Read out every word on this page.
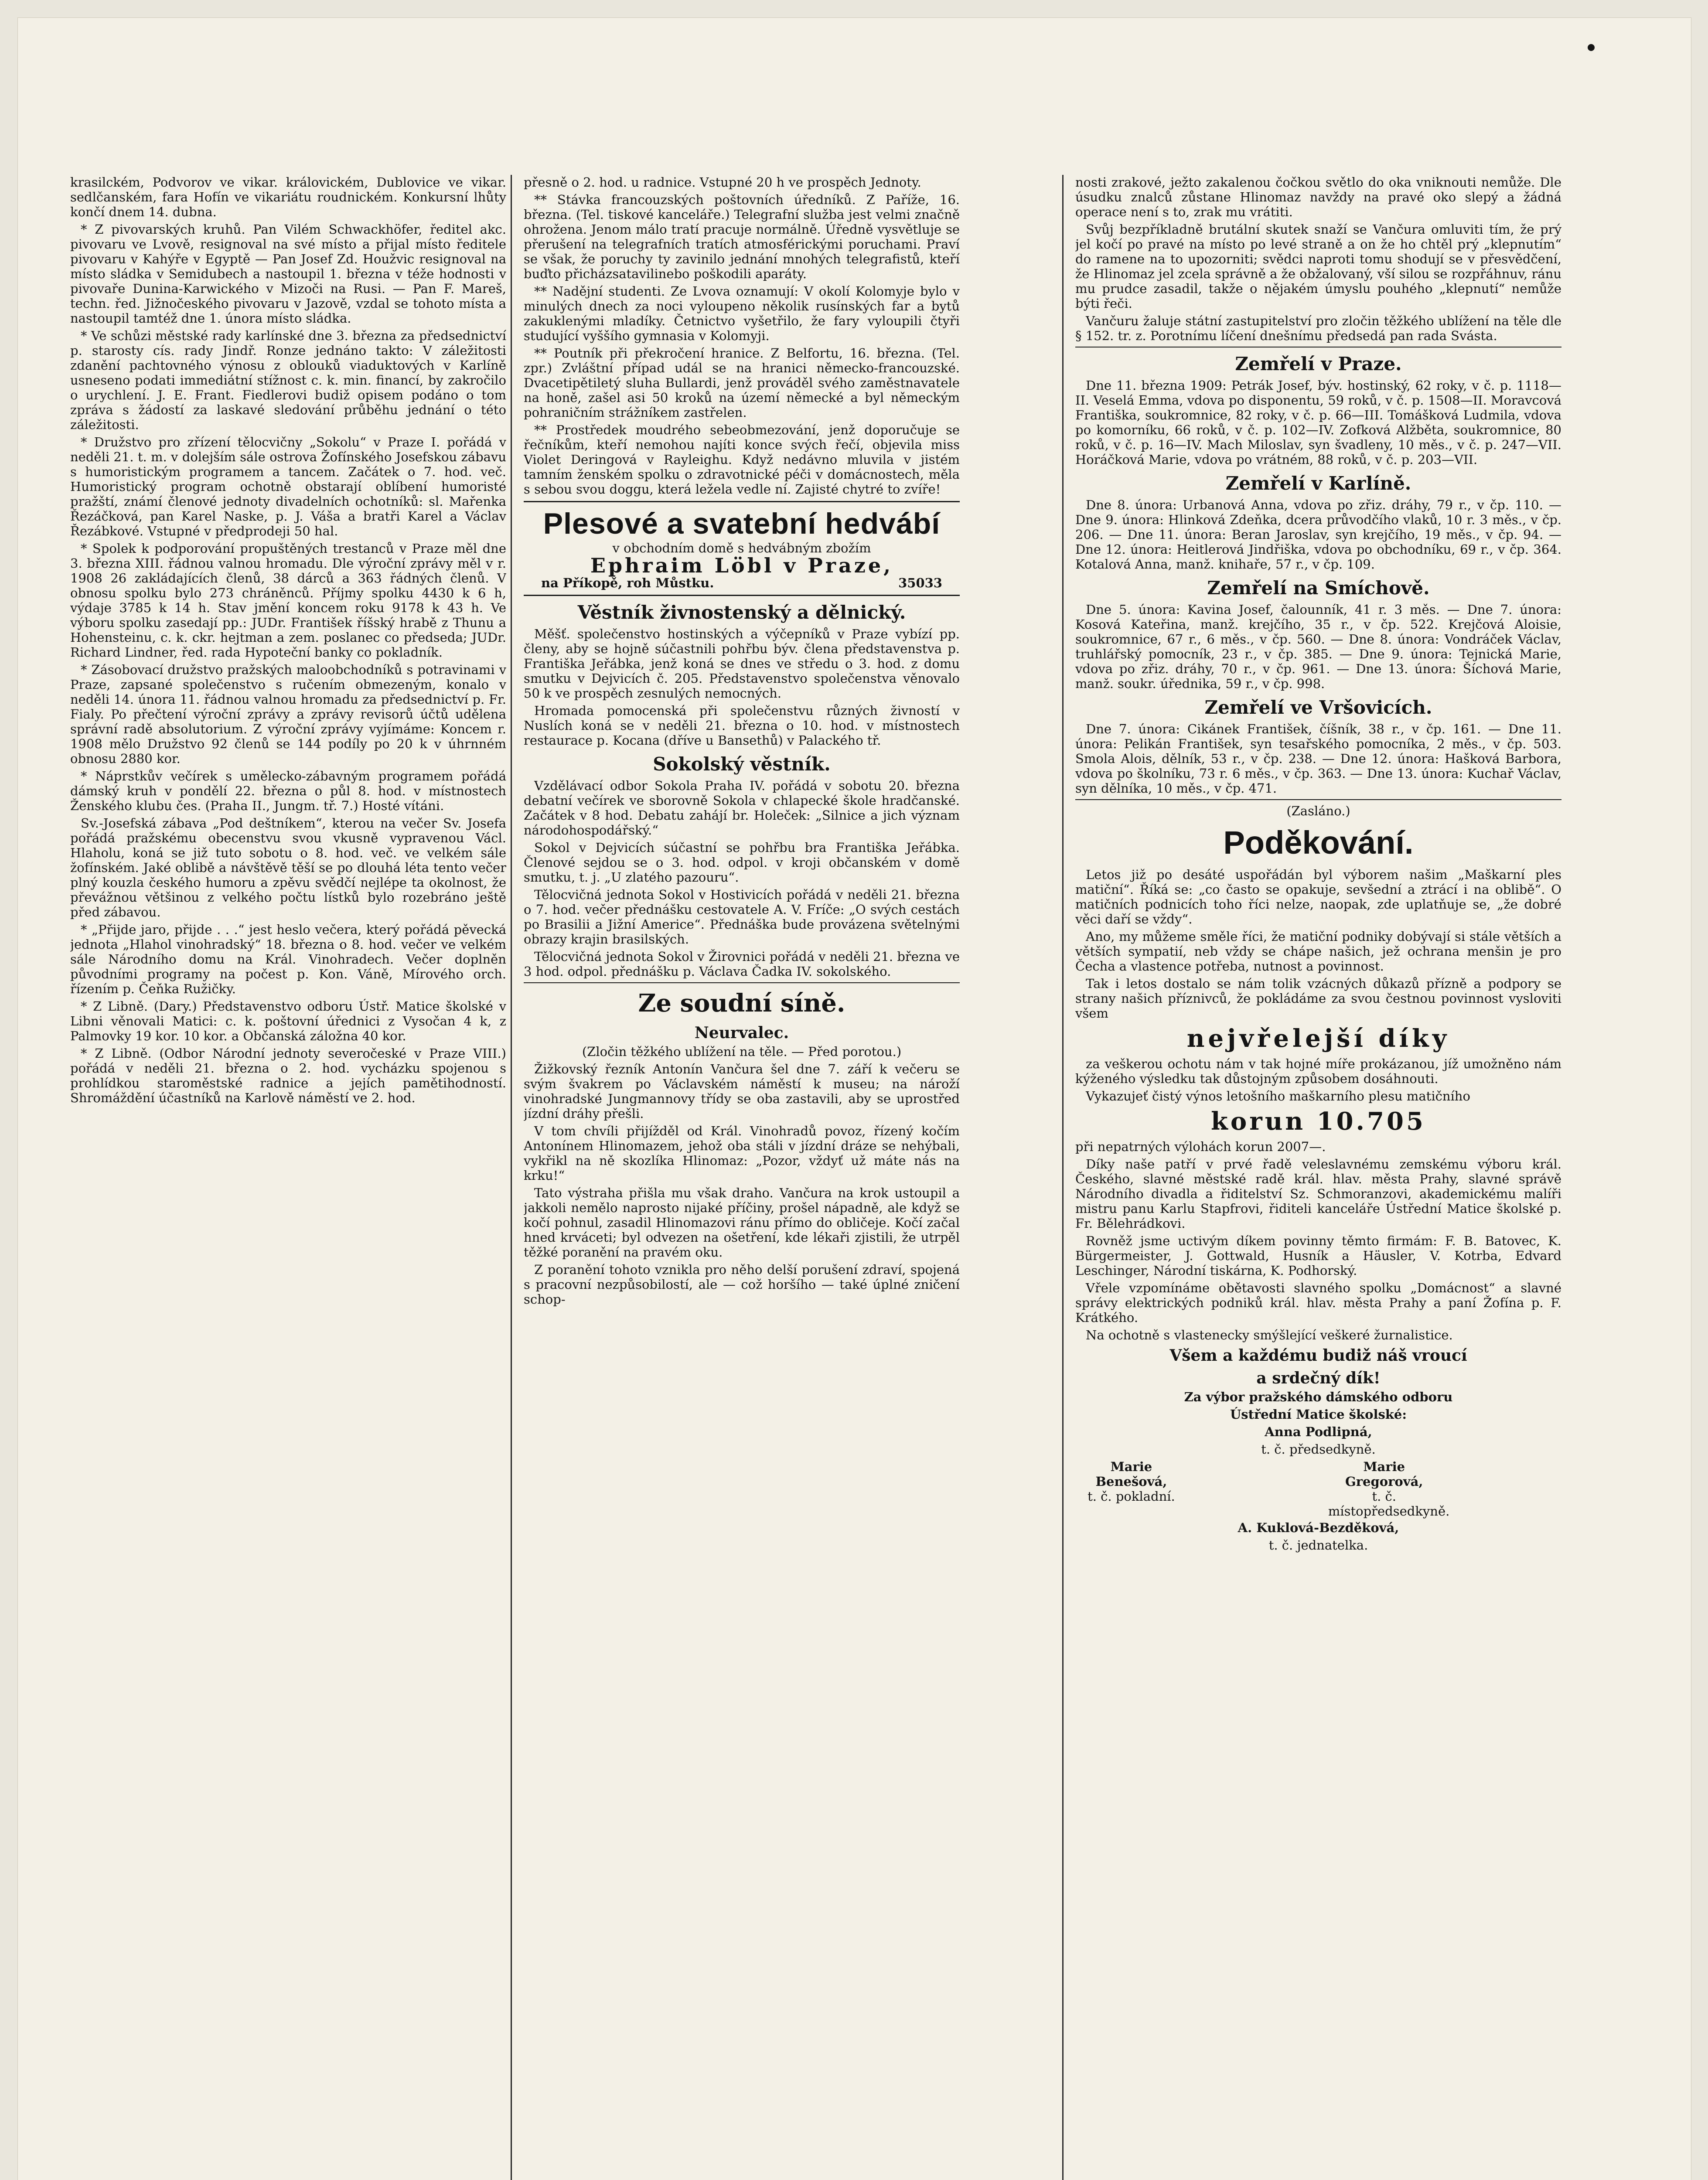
krasilckém, Podvorov ve vikar. královickém, Dublovice ve vikar. sedlčanském, fara Hofín ve vikariátu roudnickém. Konkursní lhůty končí dnem 14. dubna.

* Z pivovarských kruhů. Pan Vilém Schwackhöfer, ředitel akc. pivovaru ve Lvově, resignoval na své místo a přijal místo ředitele pivovaru v Kahýře v Egyptě — Pan Josef Zd. Houžvic resignoval na místo sládka v Semidubech a nastoupil 1. března v téže hodnosti v pivovaře Dunina-Karwického v Mizoči na Rusi. — Pan F. Mareš, techn. řed. Jižnočeského pivovaru v Jazově, vzdal se tohoto místa a nastoupil tamtéž dne 1. února místo sládka.

* Ve schůzi městské rady karlínské dne 3. března za předsednictví p. starosty cís. rady Jindř. Ronze jednáno takto: V záležitosti zdanění pachtovného výnosu z oblouků viaduktových v Karlíně usneseno podati immediátní stížnost c. k. min. financí, by zakročilo o urychlení. J. E. Frant. Fiedlerovi budiž opisem podáno o tom zpráva s žádostí za laskavé sledování průběhu jednání o této záležitosti.

* Družstvo pro zřízení tělocvičny „Sokolu“ v Praze I. pořádá v neděli 21. t. m. v dolejším sále ostrova Žofínského Josefskou zábavu s humoristickým programem a tancem. Začátek o 7. hod. več. Humoristický program ochotně obstarají oblíbení humoristé pražští, známí členové jednoty divadelních ochotníků: sl. Mařenka Řezáčková, pan Karel Naske, p. J. Váša a bratři Karel a Václav Řezábkové. Vstupné v předprodeji 50 hal.

* Spolek k podporování propuštěných trestanců v Praze měl dne 3. března XIII. řádnou valnou hromadu. Dle výroční zprávy měl v r. 1908 26 zakládajících členů, 38 dárců a 363 řádných členů. V obnosu spolku bylo 273 chráněnců. Příjmy spolku 4430 k 6 h, výdaje 3785 k 14 h. Stav jmění koncem roku 9178 k 43 h. Ve výboru spolku zasedají pp.: JUDr. František říšský hrabě z Thunu a Hohensteinu, c. k. ckr. hejtman a zem. poslanec co předseda; JUDr. Richard Lindner, řed. rada Hypoteční banky co pokladník.

* Zásobovací družstvo pražských maloobchodníků s potravinami v Praze, zapsané společenstvo s ručením obmezeným, konalo v neděli 14. února 11. řádnou valnou hromadu za předsednictví p. Fr. Fialy. Po přečtení výroční zprávy a zprávy revisorů účtů udělena správní radě absolutorium. Z výroční zprávy vyjímáme: Koncem r. 1908 mělo Družstvo 92 členů se 144 podíly po 20 k v úhrnném obnosu 2880 kor.

* Náprstkův večírek s umělecko-zábavným programem pořádá dámský kruh v pondělí 22. března o půl 8. hod. v místnostech Ženského klubu čes. (Praha II., Jungm. tř. 7.) Hosté vítáni.

Sv.-Josefská zábava „Pod deštníkem“, kterou na večer Sv. Josefa pořádá pražskému obecenstvu svou vkusně vypravenou Václ. Hlaholu, koná se již tuto sobotu o 8. hod. več. ve velkém sále žofínském. Jaké oblibě a návštěvě těší se po dlouhá léta tento večer plný kouzla českého humoru a zpěvu svědčí nejlépe ta okolnost, že převážnou většinou z velkého počtu lístků bylo rozebráno ještě před zábavou.

* „Přijde jaro, přijde . . .“ jest heslo večera, který pořádá pěvecká jednota „Hlahol vinohradský“ 18. března o 8. hod. večer ve velkém sále Národního domu na Král. Vinohradech. Večer doplněn původními programy na počest p. Kon. Váně, Mírového orch. řízením p. Čeňka Ružičky.

* Z Libně. (Dary.) Představenstvo odboru Ústř. Matice školské v Libni věnovali Matici: c. k. poštovní úřednici z Vysočan 4 k, z Palmovky 19 kor. 10 kor. a Občanská záložna 40 kor.

* Z Libně. (Odbor Národní jednoty severočeské v Praze VIII.) pořádá v neděli 21. března o 2. hod. vycházku spojenou s prohlídkou staroměstské radnice a jejích pamětihodností. Shromáždění účastníků na Karlově náměstí ve 2. hod.

přesně o 2. hod. u radnice. Vstupné 20 h ve prospěch Jednoty.

** Stávka francouzských poštovních úředníků. Z Paříže, 16. března. (Tel. tiskové kanceláře.) Telegrafní služba jest velmi značně ohrožena. Jenom málo tratí pracuje normálně. Úředně vysvětluje se přerušení na telegrafních tratích atmosférickými poruchami. Praví se však, že poruchy ty zavinilo jednání mnohých telegrafistů, kteří buďto přicházsatavilinebo poškodili aparáty.

** Nadějní studenti. Ze Lvova oznamují: V okolí Kolomyje bylo v minulých dnech za noci vyloupeno několik rusínských far a bytů zakuklenými mladíky. Četnictvo vyšetřilo, že fary vyloupili čtyři studující vyššího gymnasia v Kolomyji.

** Poutník při překročení hranice. Z Belfortu, 16. března. (Tel. zpr.) Zvláštní případ udál se na hranici německo-francouzské. Dvacetipětiletý sluha Bullardi, jenž prováděl svého zaměstnavatele na honě, zašel asi 50 kroků na území německé a byl německým pohraničním strážníkem zastřelen.

** Prostředek moudrého sebeobmezování, jenž doporučuje se řečníkům, kteří nemohou najíti konce svých řečí, objevila miss Violet Deringová v Rayleighu. Když nedávno mluvila v jistém tamním ženském spolku o zdravotnické péči v domácnostech, měla s sebou svou doggu, která ležela vedle ní. Zajisté chytré to zvíře!

Plesové a svatební hedvábí
v obchodním domě s hedvábným zbožím
Ephraim Löbl v Praze,
na Příkopě, roh Můstku.	35033
Věstník živnostenský a dělnický.

Měšť. společenstvo hostinských a výčepníků v Praze vybízí pp. členy, aby se hojně súčastnili pohřbu býv. člena představenstva p. Františka Jeřábka, jenž koná se dnes ve středu o 3. hod. z domu smutku v Dejvicích č. 205. Představenstvo společenstva věnovalo 50 k ve prospěch zesnulých nemocných.

Hromada pomocenská při společenstvu různých živností v Nuslích koná se v neděli 21. března o 10. hod. v místnostech restaurace p. Kocana (dříve u Bansethů) v Palackého tř.

Sokolský věstník.

Vzdělávací odbor Sokola Praha IV. pořádá v sobotu 20. března debatní večírek ve sborovně Sokola v chlapecké škole hradčanské. Začátek v 8 hod. Debatu zahájí br. Holeček: „Silnice a jich význam národohospodářský.“

Sokol v Dejvicích súčastní se pohřbu bra Františka Jeřábka. Členové sejdou se o 3. hod. odpol. v kroji občanském v domě smutku, t. j. „U zlatého pazouru“.

Tělocvičná jednota Sokol v Hostivicích pořádá v neděli 21. března o 7. hod. večer přednášku cestovatele A. V. Fríče: „O svých cestách po Brasilii a Jižní Americe“. Přednáška bude provázena světelnými obrazy krajin brasilských.

Tělocvičná jednota Sokol v Žirovnici pořádá v neděli 21. března ve 3 hod. odpol. přednášku p. Václava Čadka IV. sokolského.

Ze soudní síně.
Neurvalec.

(Zločin těžkého ublížení na těle. — Před porotou.)

Žižkovský řezník Antonín Vančura šel dne 7. září k večeru se svým švakrem po Václavském náměstí k museu; na nároží vinohradské Jungmannovy třídy se oba zastavili, aby se uprostřed jízdní dráhy přešli.

V tom chvíli přijížděl od Král. Vinohradů povoz, řízený kočím Antonínem Hlinomazem, jehož oba stáli v jízdní dráze se nehýbali, vykřikl na ně skozlíka Hlinomaz: „Pozor, vždyť už máte nás na krku!“

Tato výstraha přišla mu však draho. Vančura na krok ustoupil a jakkoli nemělo naprosto nijaké příčiny, prošel nápadně, ale když se kočí pohnul, zasadil Hlinomazovi ránu přímo do obličeje. Kočí začal hned krváceti; byl odvezen na ošetření, kde lékaři zjistili, že utrpěl těžké poranění na pravém oku.

Z poranění tohoto vznikla pro něho delší porušení zdraví, spojená s pracovní nezpůsobilostí, ale — což horšího — také úplné zničení schop-

nosti zrakové, ježto zakalenou čočkou světlo do oka vniknouti nemůže. Dle úsudku znalců zůstane Hlinomaz navždy na pravé oko slepý a žádná operace není s to, zrak mu vrátiti.

Svůj bezpříkladně brutální skutek snaží se Vančura omluviti tím, že prý jel kočí po pravé na místo po levé straně a on že ho chtěl prý „klepnutím“ do ramene na to upozorniti; svědci naproti tomu shodují se v přesvědčení, že Hlinomaz jel zcela správně a že obžalovaný, vší silou se rozpřáhnuv, ránu mu prudce zasadil, takže o nějakém úmyslu pouhého „klepnutí“ nemůže býti řeči.

Vančuru žaluje státní zastupitelství pro zločin těžkého ublížení na těle dle § 152. tr. z. Porotnímu líčení dnešnímu předsedá pan rada Svásta.

Zemřelí v Praze.

Dne 11. března 1909: Petrák Josef, býv. hostinský, 62 roky, v č. p. 1118—II. Veselá Emma, vdova po disponentu, 59 roků, v č. p. 1508—II. Moravcová Františka, soukromnice, 82 roky, v č. p. 66—III. Tomášková Ludmila, vdova po komorníku, 66 roků, v č. p. 102—IV. Zofková Alžběta, soukromnice, 80 roků, v č. p. 16—IV. Mach Miloslav, syn švadleny, 10 měs., v č. p. 247—VII. Horáčková Marie, vdova po vrátném, 88 roků, v č. p. 203—VII.

Zemřelí v Karlíně.

Dne 8. února: Urbanová Anna, vdova po zřiz. dráhy, 79 r., v čp. 110. — Dne 9. února: Hlinková Zdeňka, dcera průvodčího vlaků, 10 r. 3 měs., v čp. 206. — Dne 11. února: Beran Jaroslav, syn krejčího, 19 měs., v čp. 94. — Dne 12. února: Heitlerová Jindřiška, vdova po obchodníku, 69 r., v čp. 364. Kotalová Anna, manž. knihaře, 57 r., v čp. 109.

Zemřelí na Smíchově.

Dne 5. února: Kavina Josef, čalounník, 41 r. 3 měs. — Dne 7. února: Kosová Kateřina, manž. krejčího, 35 r., v čp. 522. Krejčová Aloisie, soukromnice, 67 r., 6 měs., v čp. 560. — Dne 8. února: Vondráček Václav, truhlářský pomocník, 23 r., v čp. 385. — Dne 9. února: Tejnická Marie, vdova po zřiz. dráhy, 70 r., v čp. 961. — Dne 13. února: Šíchová Marie, manž. soukr. úřednika, 59 r., v čp. 998.

Zemřelí ve Vršovicích.

Dne 7. února: Cikánek František, číšník, 38 r., v čp. 161. — Dne 11. února: Pelikán František, syn tesařského pomocníka, 2 měs., v čp. 503. Smola Alois, dělník, 53 r., v čp. 238. — Dne 12. února: Hašková Barbora, vdova po školníku, 73 r. 6 měs., v čp. 363. — Dne 13. února: Kuchař Václav, syn dělníka, 10 měs., v čp. 471.

(Zasláno.)

Poděkování.

Letos již po desáté uspořádán byl výborem našim „Maškarní ples matiční“. Říká se: „co často se opakuje, sevšední a ztrácí i na oblibě“. O matičních podnicích toho říci nelze, naopak, zde uplatňuje se, „že dobré věci daří se vždy“.

Ano, my můžeme směle říci, že matiční podniky dobývají si stále větších a větších sympatií, neb vždy se chápe našich, jež ochrana menšin je pro Čecha a vlastence potřeba, nutnost a povinnost.

Tak i letos dostalo se nám tolik vzácných důkazů přízně a podpory se strany našich příznivců, že pokládáme za svou čestnou povinnost vysloviti všem

nejvřelejší díky

za veškerou ochotu nám v tak hojné míře prokázanou, jíž umožněno nám kýženého výsledku tak důstojným způsobem dosáhnouti.

Vykazujeť čistý výnos letošního maškarního plesu matičního

korun 10.705

při nepatrných výlohách korun 2007—.

Díky naše patří v prvé řadě veleslavnému zemskému výboru král. Českého, slavné městské radě král. hlav. města Prahy, slavné správě Národního divadla a řiditelství Sz. Schmoranzovi, akademickému malíři mistru panu Karlu Stapfrovi, řiditeli kanceláře Ústřední Matice školské p. Fr. Bělehrádkovi.

Rovněž jsme uctivým díkem povinny těmto firmám: F. B. Batovec, K. Bürgermeister, J. Gottwald, Husník a Häusler, V. Kotrba, Edvard Leschinger, Národní tiskárna, K. Podhorský.

Vřele vzpomínáme obětavosti slavného spolku „Domácnost“ a slavné správy elektrických podniků král. hlav. města Prahy a paní Žofína p. F. Krátkého.

Na ochotně s vlastenecky smýšlející veškeré žurnalistice.

Všem a každému budiž náš vroucí
a srdečný dík!

Za výbor pražského dámského odboru

Ústřední Matice školské:

Anna Podlipná,

t. č. předsedkyně.

Marie Benešová,
t. č. pokladní.
Marie Gregorová,
t. č. místopředsedkyně.

A. Kuklová-Bezděková,

t. č. jednatelka.
